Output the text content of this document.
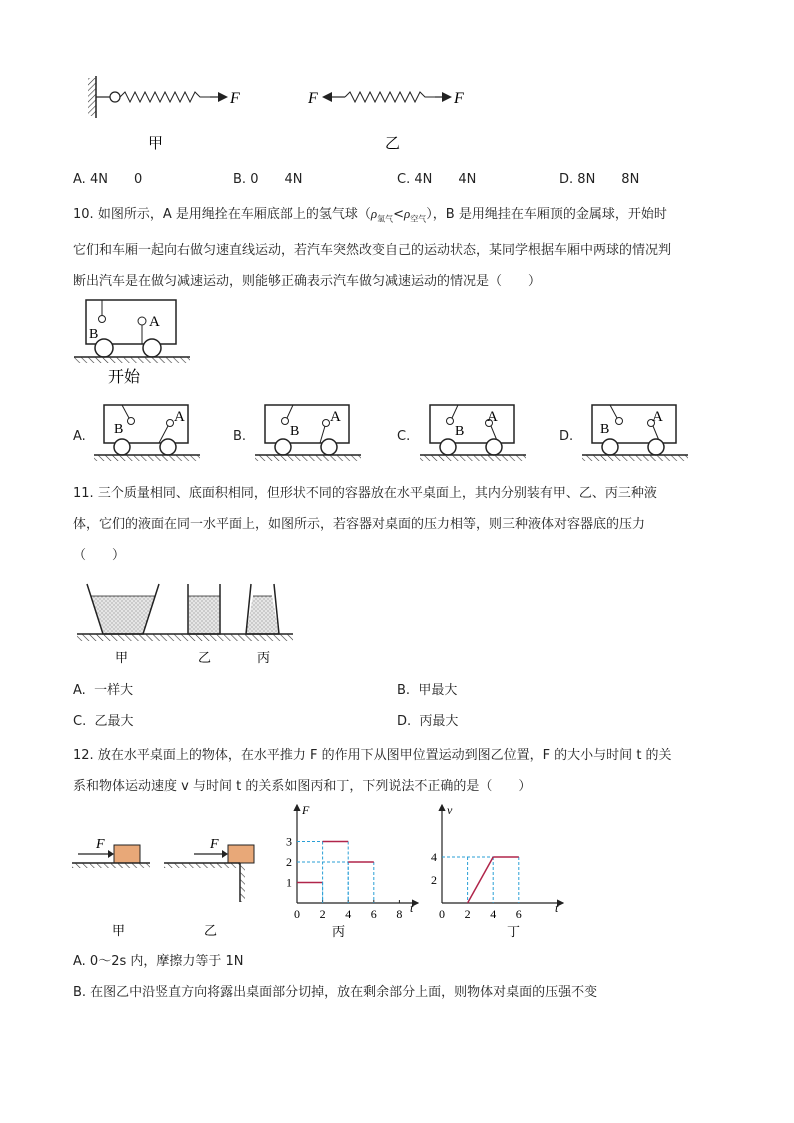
F
甲
F	F
乙
A. 4N 0	B. 0 4N	C. 4N 4N	D. 8N 8N
10. 如图所示，A 是用绳拴在车厢底部上的氢气球$(\rho_{氢气}<\rho_{空气})$，B 是用绳挂在车厢顶的金属球，开始时
它们和车厢一起向右做匀速直线运动，若汽车突然改变自己的运动状态，某同学根据车厢中两球的情况判
断出汽车是在做匀减速运动，则能够正确表示汽车做匀减速运动的情况是（　　）
B
A
开始
A. B
A
B.	B
A
C.	B
A
D. B
A
11. 三个质量相同、底面积相同，但形状不同的容器放在水平桌面上，其内分别装有甲、乙、丙三种液
体，它们的液面在同一水平面上，如图所示，若容器对桌面的压力相等，则三种液体对容器底的压力
（　　）
甲	乙	丙
A. 一样大	B. 甲最大
C. 乙最大	D. 丙最大
12. 放在水平桌面上的物体，在水平推力 F 的作用下从图甲位置运动到图乙位置，F 的大小与时间 t 的关
系和物体运动速度 v 与时间 t 的关系如图丙和丁，下列说法不正确的是（　　）
F
甲
F
乙
F
t
1
2
3
0 2 4 6 8
丙
v
t
2
4
0 2 4 6
丁
A. 0～2s 内，摩擦力等于 1N
B. 在图乙中沿竖直方向将露出桌面部分切掉，放在剩余部分上面，则物体对桌面的压强不变
